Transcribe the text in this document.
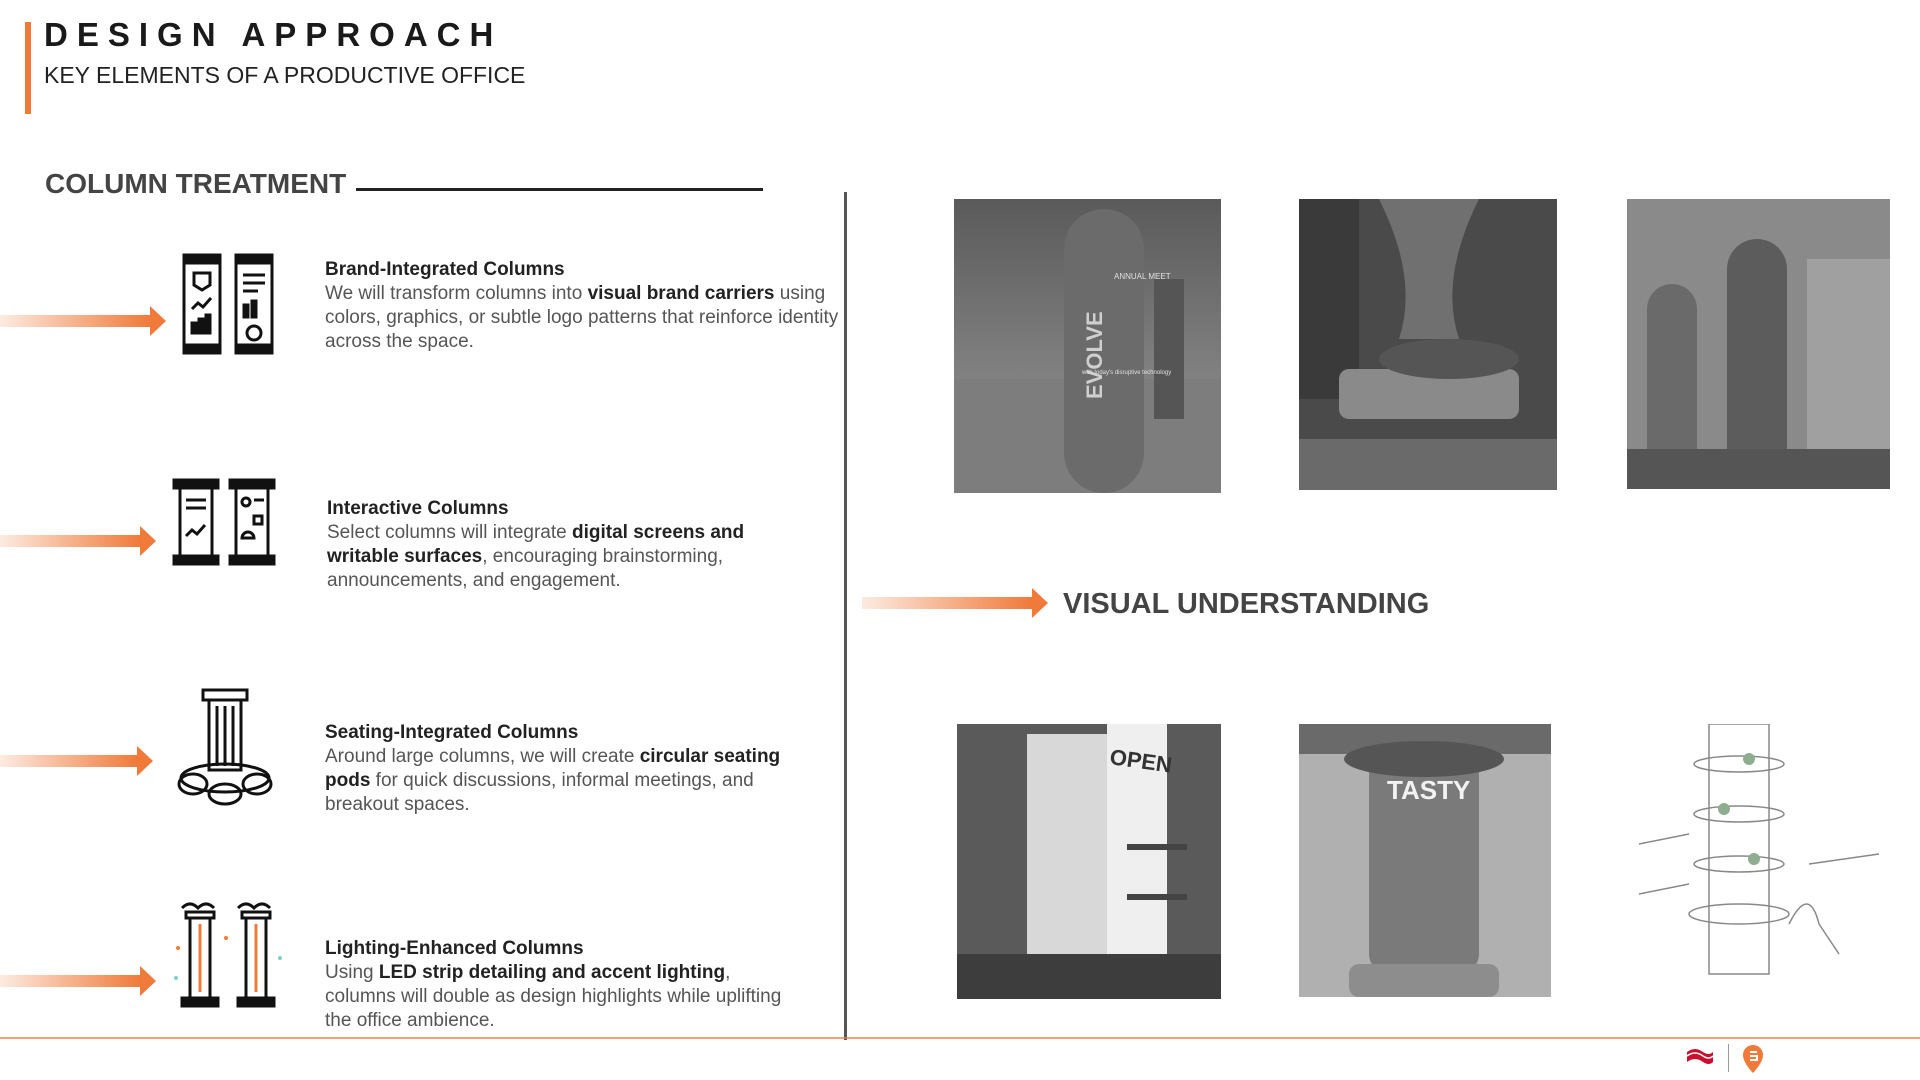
DESIGN APPROACH
KEY ELEMENTS OF A PRODUCTIVE OFFICE
COLUMN TREATMENT
Brand-Integrated Columns
We will transform columns into visual brand carriers using colors, graphics, or subtle logo patterns that reinforce identity across the space.
Interactive Columns
Select columns will integrate digital screens and writable surfaces, encouraging brainstorming, announcements, and engagement.
Seating-Integrated Columns
Around large columns, we will create circular seating pods for quick discussions, informal meetings, and breakout spaces.
Lighting-Enhanced Columns
Using LED strip detailing and accent lighting, columns will double as design highlights while uplifting the office ambience.
EVOLVE
ANNUAL MEET
with today's disruptive technology
VISUAL UNDERSTANDING
OPEN
TASTY
